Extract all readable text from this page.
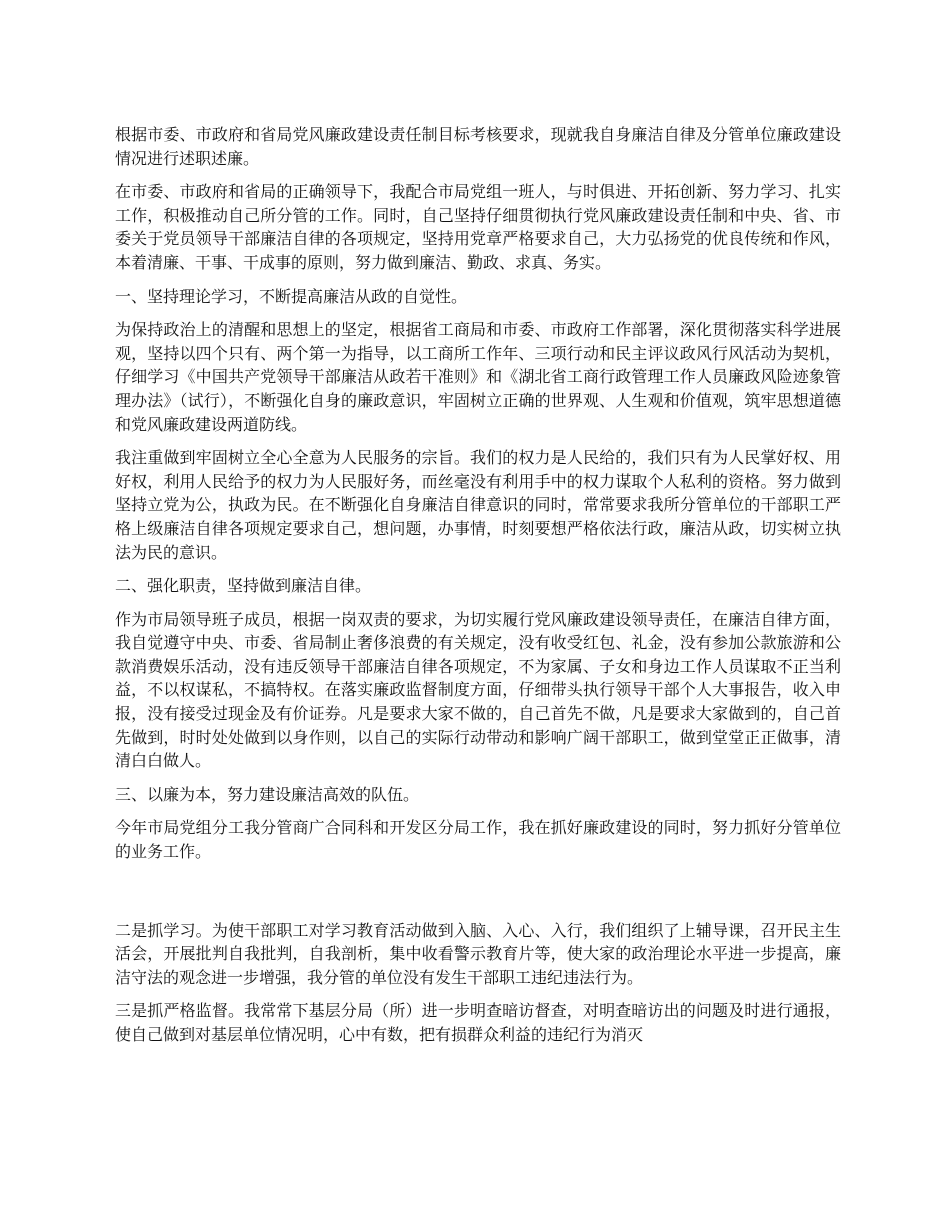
根据市委、市政府和省局党风廉政建设责任制目标考核要求，现就我自身廉洁自律及分管单位廉政建设情况进行述职述廉。

在市委、市政府和省局的正确领导下，我配合市局党组一班人，与时俱进、开拓创新、努力学习、扎实工作，积极推动自己所分管的工作。同时，自己坚持仔细贯彻执行党风廉政建设责任制和中央、省、市委关于党员领导干部廉洁自律的各项规定，坚持用党章严格要求自己，大力弘扬党的优良传统和作风，本着清廉、干事、干成事的原则，努力做到廉洁、勤政、求真、务实。

一、坚持理论学习，不断提高廉洁从政的自觉性。

为保持政治上的清醒和思想上的坚定，根据省工商局和市委、市政府工作部署，深化贯彻落实科学进展观，坚持以四个只有、两个第一为指导，以工商所工作年、三项行动和民主评议政风行风活动为契机，仔细学习《中国共产党领导干部廉洁从政若干准则》和《湖北省工商行政管理工作人员廉政风险迹象管理办法》（试行），不断强化自身的廉政意识，牢固树立正确的世界观、人生观和价值观，筑牢思想道德和党风廉政建设两道防线。

我注重做到牢固树立全心全意为人民服务的宗旨。我们的权力是人民给的，我们只有为人民掌好权、用好权，利用人民给予的权力为人民服好务，而丝毫没有利用手中的权力谋取个人私利的资格。努力做到坚持立党为公，执政为民。在不断强化自身廉洁自律意识的同时，常常要求我所分管单位的干部职工严格上级廉洁自律各项规定要求自己，想问题，办事情，时刻要想严格依法行政，廉洁从政，切实树立执法为民的意识。

二、强化职责，坚持做到廉洁自律。

作为市局领导班子成员，根据一岗双责的要求，为切实履行党风廉政建设领导责任，在廉洁自律方面，我自觉遵守中央、市委、省局制止奢侈浪费的有关规定，没有收受红包、礼金，没有参加公款旅游和公款消费娱乐活动，没有违反领导干部廉洁自律各项规定，不为家属、子女和身边工作人员谋取不正当利益，不以权谋私，不搞特权。在落实廉政监督制度方面，仔细带头执行领导干部个人大事报告，收入申报，没有接受过现金及有价证券。凡是要求大家不做的，自己首先不做，凡是要求大家做到的，自己首先做到，时时处处做到以身作则，以自己的实际行动带动和影响广阔干部职工，做到堂堂正正做事，清清白白做人。

三、以廉为本，努力建设廉洁高效的队伍。

今年市局党组分工我分管商广合同科和开发区分局工作，我在抓好廉政建设的同时，努力抓好分管单位的业务工作。

二是抓学习。为使干部职工对学习教育活动做到入脑、入心、入行，我们组织了上辅导课，召开民主生活会，开展批判自我批判，自我剖析，集中收看警示教育片等，使大家的政治理论水平进一步提高，廉洁守法的观念进一步增强，我分管的单位没有发生干部职工违纪违法行为。

三是抓严格监督。我常常下基层分局（所）进一步明查暗访督查，对明查暗访出的问题及时进行通报，使自己做到对基层单位情况明，心中有数，把有损群众利益的违纪行为消灭
